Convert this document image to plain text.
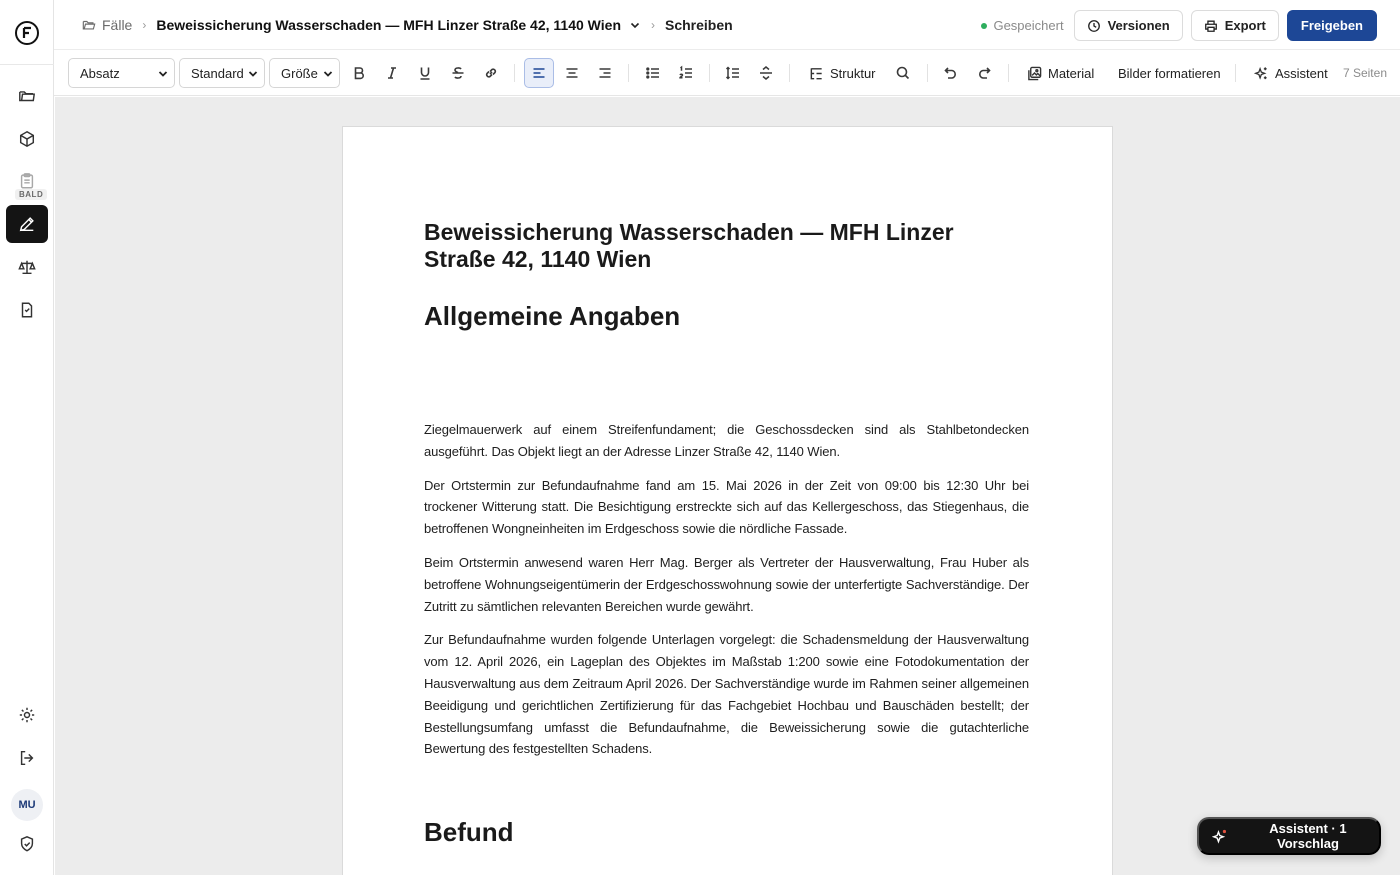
BALD
MU
Fälle › Beweissicherung Wasserschaden — MFH Linzer Straße 42, 1140 Wien	› Schreiben	Gespeichert	Versionen	Export	Freigeben
Absatz	Standard	Größe	Struktur	Material Bilder formatieren	Assistent 7 Seiten
Beweissicherung Wasserschaden — MFH Linzer Straße 42, 1140 Wien
Allgemeine Angaben

Ziegelmauerwerk auf einem Streifenfundament; die Geschossdecken sind als Stahlbetondecken ausgeführt. Das Objekt liegt an der Adresse Linzer Straße 42, 1140 Wien.

Der Ortstermin zur Befundaufnahme fand am 15. Mai 2026 in der Zeit von 09:00 bis 12:30 Uhr bei trockener Witterung statt. Die Besichtigung erstreckte sich auf das Kellergeschoss, das Stiegenhaus, die betroffenen Wongneinheiten im Erdgeschoss sowie die nördliche Fassade.

Beim Ortstermin anwesend waren Herr Mag. Berger als Vertreter der Hausverwaltung, Frau Huber als betroffene Wohnungseigentümerin der Erdgeschosswohnung sowie der unterfertigte Sachverständige. Der Zutritt zu sämtlichen relevanten Bereichen wurde gewährt.

Zur Befundaufnahme wurden folgende Unterlagen vorgelegt: die Schadensmeldung der Hausverwaltung vom 12. April 2026, ein Lageplan des Objektes im Maßstab 1:200 sowie eine Fotodokumentation der Hausverwaltung aus dem Zeitraum April 2026. Der Sachverständige wurde im Rahmen seiner allgemeinen Beeidigung und gerichtlichen Zertifizierung für das Fachgebiet Hochbau und Bauschäden bestellt; der Bestellungsumfang umfasst die Befundaufnahme, die Beweissicherung sowie die gutachterliche Bewertung des festgestellten Schadens.

Befund	Assistent · 1 Vorschlag
